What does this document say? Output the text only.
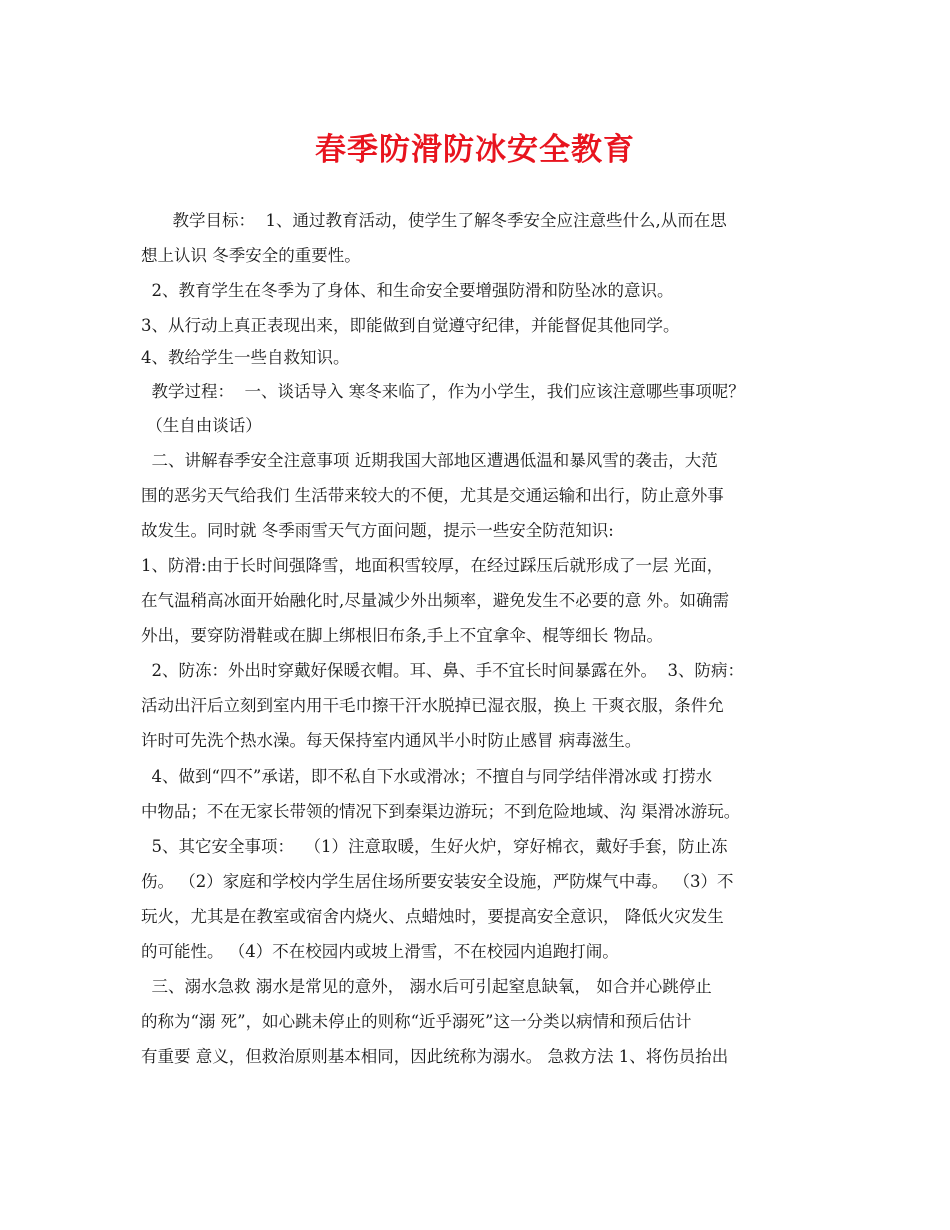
春季防滑防冰安全教育

教学目标：  1、通过教育活动，使学生了解冬季安全应注意些什么,从而在思

想上认识 冬季安全的重要性。

2、教育学生在冬季为了身体、和生命安全要增强防滑和防坠冰的意识。

3、从行动上真正表现出来，即能做到自觉遵守纪律，并能督促其他同学。

4、教给学生一些自救知识。

教学过程：  一、谈话导入 寒冬来临了，作为小学生，我们应该注意哪些事项呢？

（生自由谈话）

二、讲解春季安全注意事项 近期我国大部地区遭遇低温和暴风雪的袭击，大范

围的恶劣天气给我们 生活带来较大的不便，尤其是交通运输和出行，防止意外事

故发生。同时就 冬季雨雪天气方面问题，提示一些安全防范知识:

1、防滑:由于长时间强降雪，地面积雪较厚，在经过踩压后就形成了一层 光面，

在气温稍高冰面开始融化时,尽量减少外出频率，避免发生不必要的意 外。如确需

外出，要穿防滑鞋或在脚上绑根旧布条,手上不宜拿伞、棍等细长 物品。

2、防冻：外出时穿戴好保暖衣帽。耳、鼻、手不宜长时间暴露在外。  3、防病：

活动出汗后立刻到室内用干毛巾擦干汗水脱掉已湿衣服，换上 干爽衣服，条件允

许时可先洗个热水澡。每天保持室内通风半小时防止感冒 病毒滋生。

4、做到“四不”承诺，即不私自下水或滑冰；不擅自与同学结伴滑冰或 打捞水

中物品；不在无家长带领的情况下到秦渠边游玩；不到危险地域、沟 渠滑冰游玩。

5、其它安全事项：  （1）注意取暖，生好火炉，穿好棉衣，戴好手套，防止冻

伤。 （2）家庭和学校内学生居住场所要安装安全设施，严防煤气中毒。 （3）不

玩火，尤其是在教室或宿舍内烧火、点蜡烛时，要提高安全意识， 降低火灾发生

的可能性。 （4）不在校园内或坡上滑雪，不在校园内追跑打闹。

三、溺水急救 溺水是常见的意外， 溺水后可引起窒息缺氧， 如合并心跳停止

的称为“溺 死”，如心跳未停止的则称“近乎溺死”这一分类以病情和预后估计

有重要 意义，但救治原则基本相同，因此统称为溺水。 急救方法 1、将伤员抬出
